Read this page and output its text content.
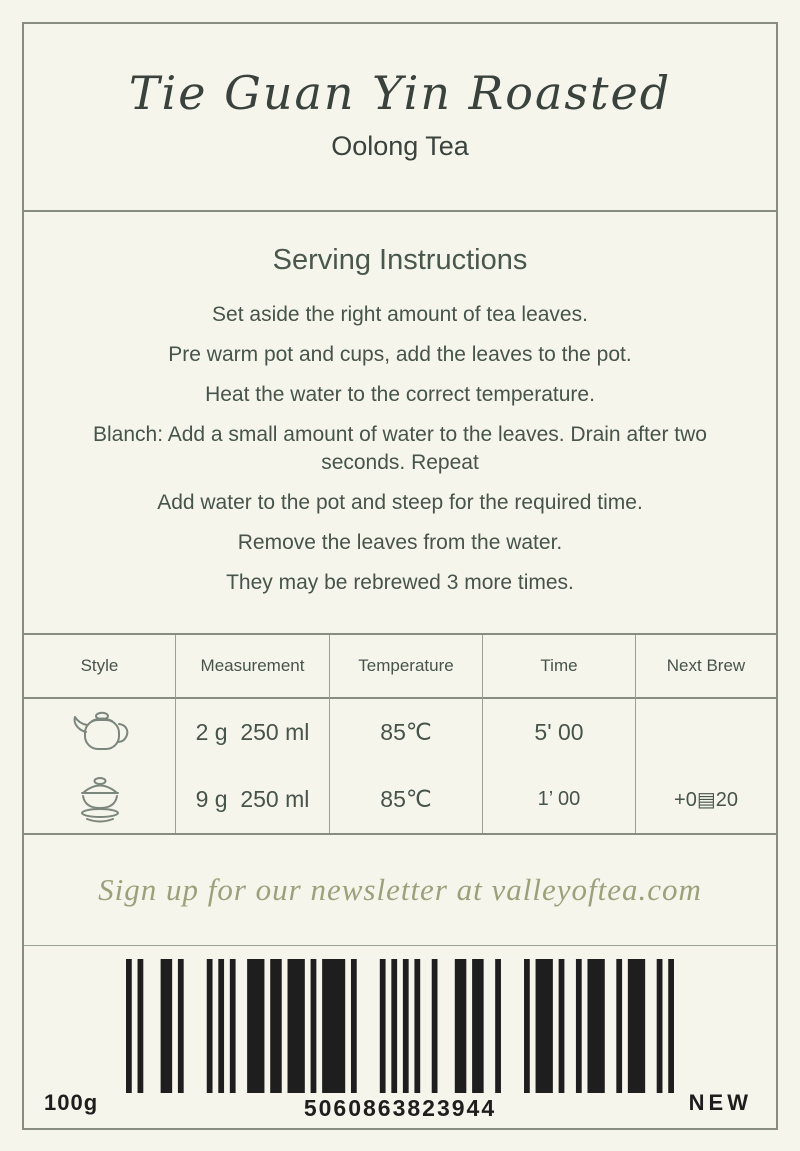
Tie Guan Yin Roasted
Oolong Tea
Serving Instructions

Set aside the right amount of tea leaves.

Pre warm pot and cups, add the leaves to the pot.

Heat the water to the correct temperature.

Blanch: Add a small amount of water to the leaves. Drain after two seconds. Repeat

Add water to the pot and steep for the required time.

Remove the leaves from the water.

They may be rebrewed 3 more times.

Style	Measurement	Temperature	Time	Next Brew

2 g  250 ml	85℃	5' 00

9 g  250 ml	85℃	1’ 00	+0▤20
Sign up for our newsletter at valleyoftea.com
5060863823944
100g	NEW
